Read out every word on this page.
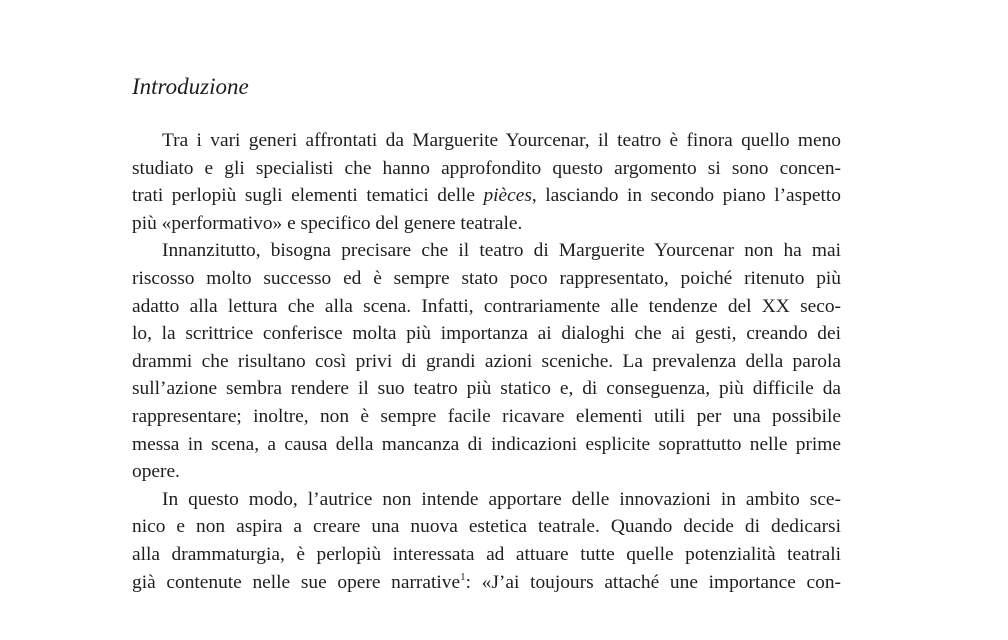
Introduzione
Tra i vari generi affrontati da Marguerite Yourcenar, il teatro è finora quello meno
studiato e gli specialisti che hanno approfondito questo argomento si sono concen-
trati perlopiù sugli elementi tematici delle pièces, lasciando in secondo piano l’aspetto
più «performativo» e specifico del genere teatrale.
Innanzitutto, bisogna precisare che il teatro di Marguerite Yourcenar non ha mai
riscosso molto successo ed è sempre stato poco rappresentato, poiché ritenuto più
adatto alla lettura che alla scena. Infatti, contrariamente alle tendenze del XX seco-
lo, la scrittrice conferisce molta più importanza ai dialoghi che ai gesti, creando dei
drammi che risultano così privi di grandi azioni sceniche. La prevalenza della parola
sull’azione sembra rendere il suo teatro più statico e, di conseguenza, più difficile da
rappresentare; inoltre, non è sempre facile ricavare elementi utili per una possibile
messa in scena, a causa della mancanza di indicazioni esplicite soprattutto nelle prime
opere.
In questo modo, l’autrice non intende apportare delle innovazioni in ambito sce-
nico e non aspira a creare una nuova estetica teatrale. Quando decide di dedicarsi
alla drammaturgia, è perlopiù interessata ad attuare tutte quelle potenzialità teatrali
già contenute nelle sue opere narrative$^1$: «J’ai toujours attaché une importance con-
